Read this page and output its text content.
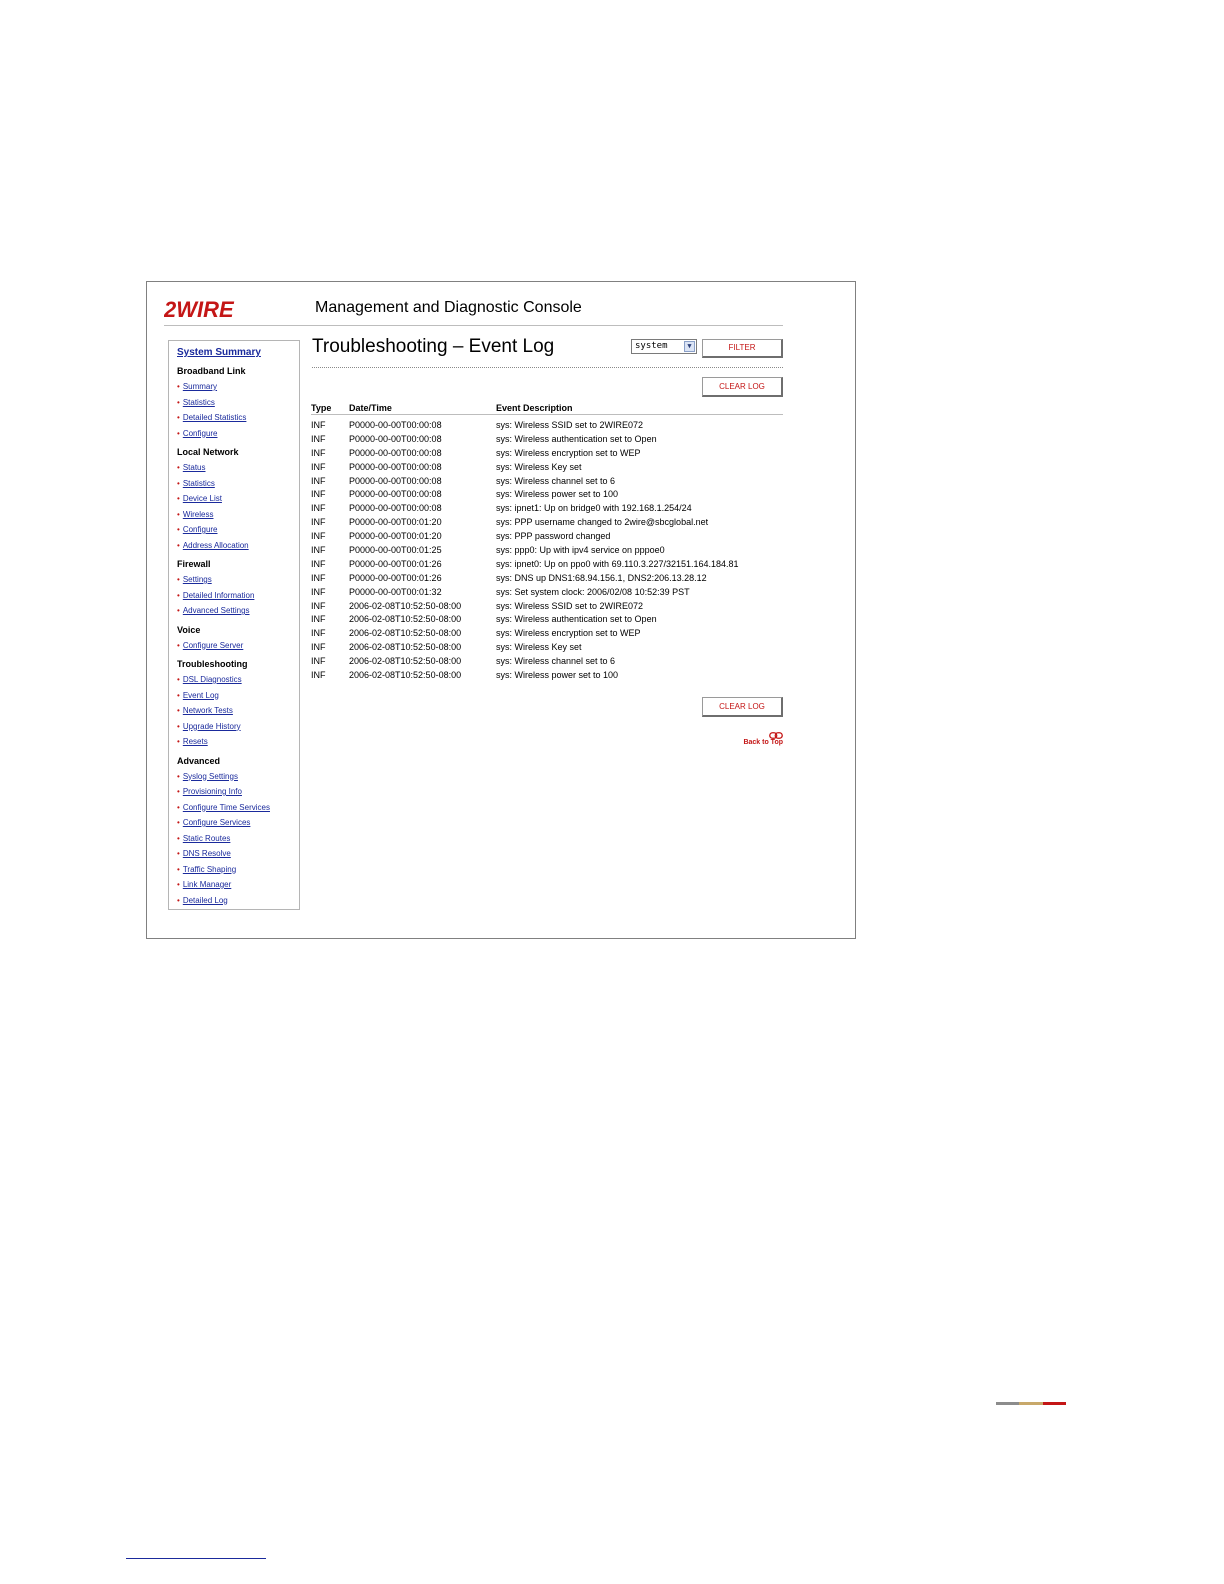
2WIRE	Management and Diagnostic Console
System Summary
Broadband Link
• Summary
• Statistics
• Detailed Statistics
• Configure
Local Network
• Status
• Statistics
• Device List
• Wireless
• Configure
• Address Allocation
Firewall
• Settings
• Detailed Information
• Advanced Settings
Voice
• Configure Server
Troubleshooting
• DSL Diagnostics
• Event Log
• Network Tests
• Upgrade History
• Resets
Advanced
• Syslog Settings
• Provisioning Info
• Configure Time Services
• Configure Services
• Static Routes
• DNS Resolve
• Traffic Shaping
• Link Manager
• Detailed Log
Troubleshooting – Event Log	system	▼	FILTER
CLEAR LOG
Type	Date/Time	Event Description
INF	P0000-00-00T00:00:08	sys: Wireless SSID set to 2WIRE072
INF	P0000-00-00T00:00:08	sys: Wireless authentication set to Open
INF	P0000-00-00T00:00:08	sys: Wireless encryption set to WEP
INF	P0000-00-00T00:00:08	sys: Wireless Key set
INF	P0000-00-00T00:00:08	sys: Wireless channel set to 6
INF	P0000-00-00T00:00:08	sys: Wireless power set to 100
INF	P0000-00-00T00:00:08	sys: ipnet1: Up on bridge0 with 192.168.1.254/24
INF	P0000-00-00T00:01:20	sys: PPP username changed to 2wire@sbcglobal.net
INF	P0000-00-00T00:01:20	sys: PPP password changed
INF	P0000-00-00T00:01:25	sys: ppp0: Up with ipv4 service on pppoe0
INF	P0000-00-00T00:01:26	sys: ipnet0: Up on ppo0 with 69.110.3.227/32151.164.184.81
INF	P0000-00-00T00:01:26	sys: DNS up DNS1:68.94.156.1, DNS2:206.13.28.12
INF	P0000-00-00T00:01:32	sys: Set system clock: 2006/02/08 10:52:39 PST
INF	2006-02-08T10:52:50-08:00	sys: Wireless SSID set to 2WIRE072
INF	2006-02-08T10:52:50-08:00	sys: Wireless authentication set to Open
INF	2006-02-08T10:52:50-08:00	sys: Wireless encryption set to WEP
INF	2006-02-08T10:52:50-08:00	sys: Wireless Key set
INF	2006-02-08T10:52:50-08:00	sys: Wireless channel set to 6
INF	2006-02-08T10:52:50-08:00	sys: Wireless power set to 100
CLEAR LOG
Back to Top
